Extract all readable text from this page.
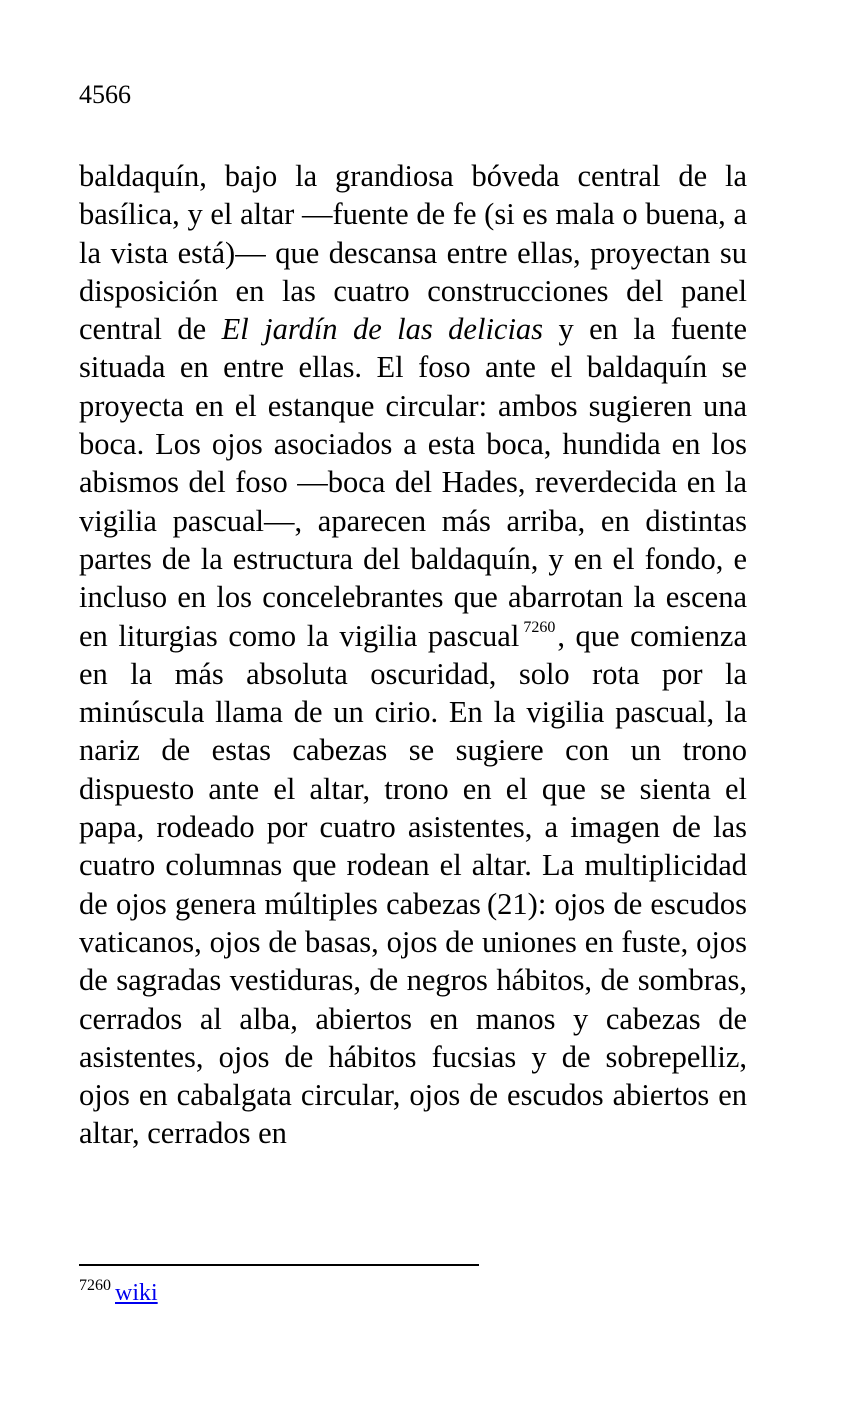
4566

baldaquín, bajo la grandiosa bóveda central de la basílica, y el altar ―fuente de fe (si es mala o buena, a la vista está)― que descansa entre ellas, proyectan su disposición en las cuatro construcciones del panel central de El jardín de las delicias y en la fuente situada en entre ellas. El foso ante el baldaquín se proyecta en el estanque circular: ambos sugieren una boca. Los ojos asociados a esta boca, hundida en los abismos del foso ―boca del Hades, reverdecida en la vigilia pascual―, aparecen más arriba, en distintas partes de la estructura del baldaquín, y en el fondo, e incluso en los concelebrantes que abarrotan la escena en liturgias como la vigilia pascual $^{7260}$, que comienza en la más absoluta oscuridad, solo rota por la minúscula llama de un cirio. En la vigilia pascual, la nariz de estas cabezas se sugiere con un trono dispuesto ante el altar, trono en el que se sienta el papa, rodeado por cuatro asistentes, a imagen de las cuatro columnas que rodean el altar. La multiplicidad de ojos genera múltiples cabezas (21): ojos de escudos vaticanos, ojos de basas, ojos de uniones en fuste, ojos de sagradas vestiduras, de negros hábitos, de sombras, cerrados al alba, abiertos en manos y cabezas de asistentes, ojos de hábitos fucsias y de sobrepelliz, ojos en cabalgata circular, ojos de escudos abiertos en altar, cerrados en

$^{7260}$ wiki
